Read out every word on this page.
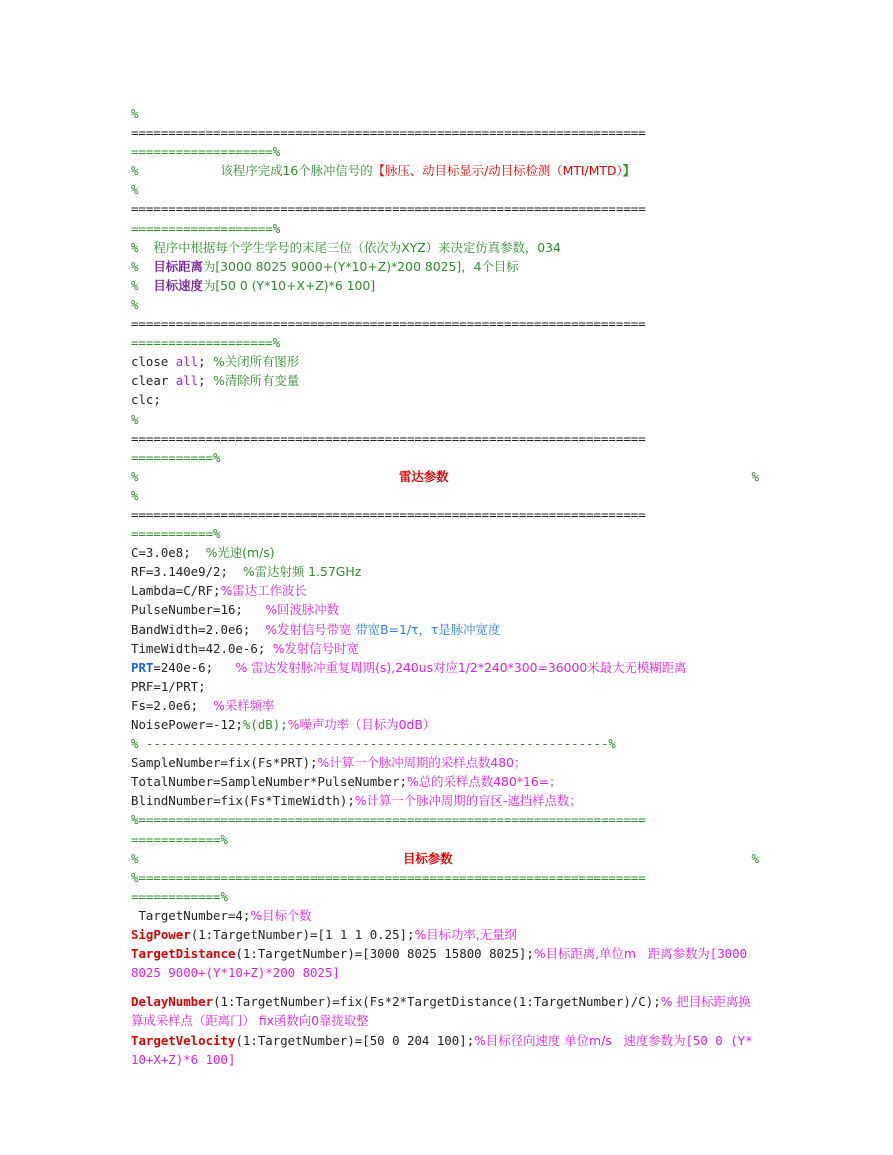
%
=====================================================================
===================%
%           该程序完成16个脉冲信号的【脉压、动目标显示/动目标检测（MTI/MTD）】
%
=====================================================================
===================%
%  程序中根据每个学生学号的末尾三位（依次为XYZ）来决定仿真参数，034
%  目标距离为[3000 8025 9000+(Y*10+Z)*200 8025]，4个目标
%  目标速度为[50 0 (Y*10+X+Z)*6 100]
%
=====================================================================
===================%
close all; %关闭所有图形
clear all; %清除所有变量
clc;
%
=====================================================================
===========%
%	雷达参数	%
%
=====================================================================
===========%
C=3.0e8;  %光速(m/s)
RF=3.140e9/2;  %雷达射频 1.57GHz
Lambda=C/RF;%雷达工作波长
PulseNumber=16;   %回波脉冲数
BandWidth=2.0e6;  %发射信号带宽 带宽B=1/τ，τ是脉冲宽度
TimeWidth=42.0e-6; %发射信号时宽
PRT=240e-6;   % 雷达发射脉冲重复周期(s),240us对应1/2*240*300=36000米最大无模糊距离
PRF=1/PRT;
Fs=2.0e6;  %采样频率
NoisePower=-12;%(dB);%噪声功率（目标为0dB）
% --------------------------------------------------------------%
SampleNumber=fix(Fs*PRT);%计算一个脉冲周期的采样点数480；
TotalNumber=SampleNumber*PulseNumber;%总的采样点数480*16=；
BlindNumber=fix(Fs*TimeWidth);%计算一个脉冲周期的盲区-遮挡样点数；
%====================================================================
============%
%	目标参数	%
%====================================================================
============%
TargetNumber=4;%目标个数
SigPower(1:TargetNumber)=[1 1 1 0.25];%目标功率,无量纲
TargetDistance(1:TargetNumber)=[3000 8025 15800 8025];%目标距离,单位m   距离参数为[3000 8025 9000+(Y*10+Z)*200 8025]
DelayNumber(1:TargetNumber)=fix(Fs*2*TargetDistance(1:TargetNumber)/C);% 把目标距离换算成采样点（距离门） fix函数向0靠拢取整
TargetVelocity(1:TargetNumber)=[50 0 204 100];%目标径向速度 单位m/s   速度参数为[50 0 (Y*10+X+Z)*6 100]
